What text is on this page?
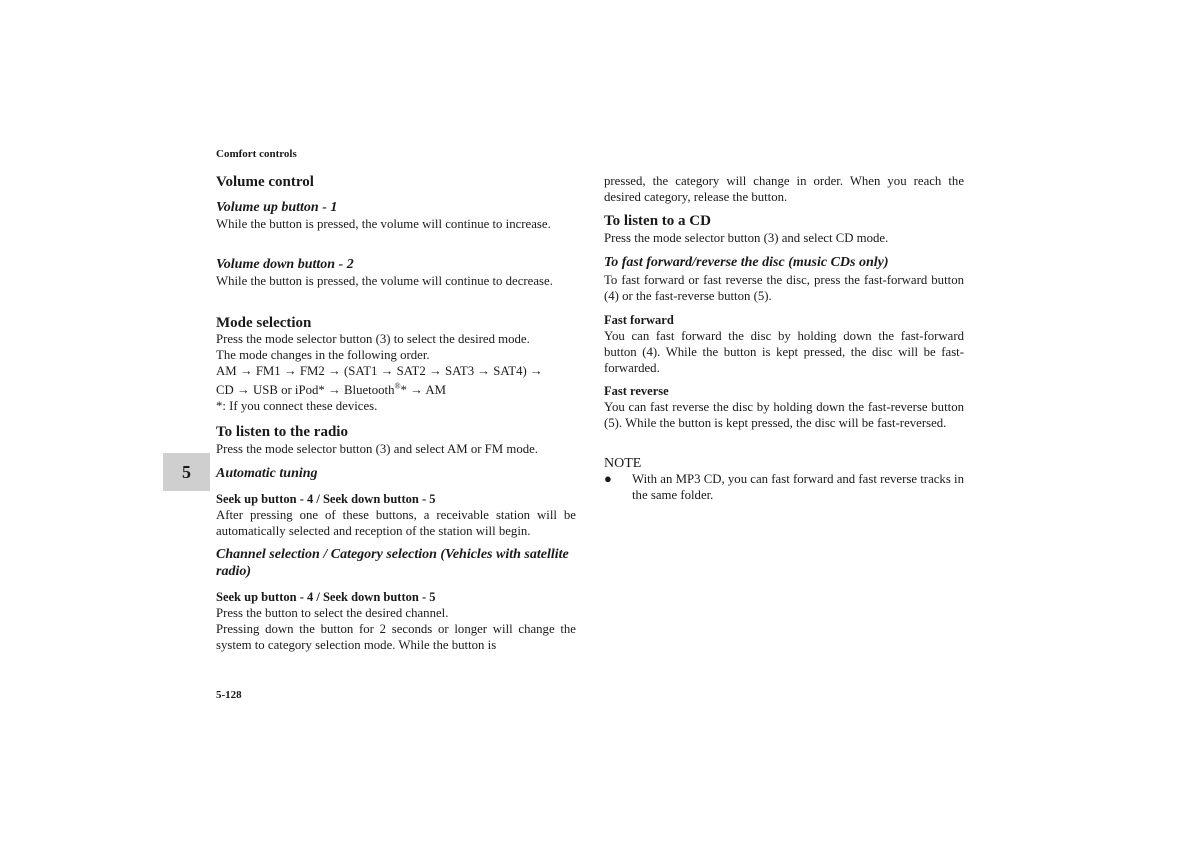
Comfort controls
5
Volume control
Volume up button - 1
While the button is pressed, the volume will continue to increase.
Volume down button - 2
While the button is pressed, the volume will continue to decrease.
Mode selection
Press the mode selector button (3) to select the desired mode.
The mode changes in the following order.
AM → FM1 → FM2 → (SAT1 → SAT2 → SAT3 → SAT4) →
CD → USB or iPod* → Bluetooth®* → AM
*: If you connect these devices.
To listen to the radio
Press the mode selector button (3) and select AM or FM mode.
Automatic tuning
Seek up button - 4 / Seek down button - 5
After pressing one of these buttons, a receivable station will be automatically selected and reception of the station will begin.
Channel selection / Category selection (Vehicles with satellite radio)
Seek up button - 4 / Seek down button - 5
Press the button to select the desired channel.
Pressing down the button for 2 seconds or longer will change the system to category selection mode. While the button is
pressed, the category will change in order. When you reach the desired category, release the button.
To listen to a CD
Press the mode selector button (3) and select CD mode.
To fast forward/reverse the disc (music CDs only)
To fast forward or fast reverse the disc, press the fast-forward button (4) or the fast-reverse button (5).
Fast forward
You can fast forward the disc by holding down the fast-forward button (4). While the button is kept pressed, the disc will be fast-forwarded.
Fast reverse
You can fast reverse the disc by holding down the fast-reverse button (5). While the button is kept pressed, the disc will be fast-reversed.
NOTE
● With an MP3 CD, you can fast forward and fast reverse tracks in the same folder.
5-128
